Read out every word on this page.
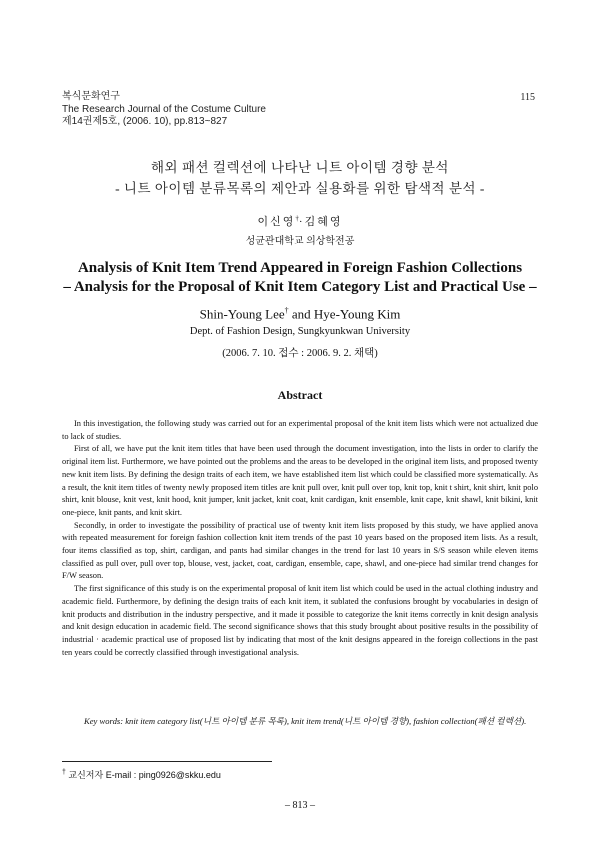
복식문화연구
The Research Journal of the Costume Culture
제14권제5호, (2006. 10), pp.813~827
115
해외 패션 컬렉션에 나타난 니트 아이템 경향 분석
- 니트 아이템 분류목록의 제안과 실용화를 위한 탐색적 분석 -
이신영†·김혜영
성균관대학교 의상학전공
Analysis of Knit Item Trend Appeared in Foreign Fashion Collections
– Analysis for the Proposal of Knit Item Category List and Practical Use –
Shin-Young Lee† and Hye-Young Kim
Dept. of Fashion Design, Sungkyunkwan University
(2006. 7. 10. 접수 : 2006. 9. 2. 채택)
Abstract

In this investigation, the following study was carried out for an experimental proposal of the knit item lists which were not actualized due to lack of studies.

First of all, we have put the knit item titles that have been used through the document investigation, into the lists in order to clarify the original item list. Furthermore, we have pointed out the problems and the areas to be developed in the original item lists, and proposed twenty new knit item lists. By defining the design traits of each item, we have established item list which could be classified more systematically. As a result, the knit item titles of twenty newly proposed item titles are knit pull over, knit pull over top, knit top, knit t shirt, knit shirt, knit polo shirt, knit blouse, knit vest, knit hood, knit jumper, knit jacket, knit coat, knit cardigan, knit ensemble, knit cape, knit shawl, knit bikini, knit one-piece, knit pants, and knit skirt.

Secondly, in order to investigate the possibility of practical use of twenty knit item lists proposed by this study, we have applied anova with repeated measurement for foreign fashion collection knit item trends of the past 10 years based on the proposed item lists. As a result, four items classified as top, shirt, cardigan, and pants had similar changes in the trend for last 10 years in S/S season while eleven items classified as pull over, pull over top, blouse, vest, jacket, coat, cardigan, ensemble, cape, shawl, and one-piece had similar trend changes for F/W season.

The first significance of this study is on the experimental proposal of knit item list which could be used in the actual clothing industry and academic field. Furthermore, by defining the design traits of each knit item, it sublated the confusions brought by vocabularies in design of knit products and distribution in the industry perspective, and it made it possible to categorize the knit items correctly in knit design analysis and knit design education in academic field. The second significance shows that this study brought about positive results in the possibility of industrial · academic practical use of proposed list by indicating that most of the knit designs appeared in the foreign collections in the past ten years could be correctly classified through investigational analysis.

Key words: knit item category list(니트 아이템 분류 목록), knit item trend(니트 아이템 경향), fashion collection(패션 컬렉션).
† 교신저자 E-mail : ping0926@skku.edu
– 813 –
